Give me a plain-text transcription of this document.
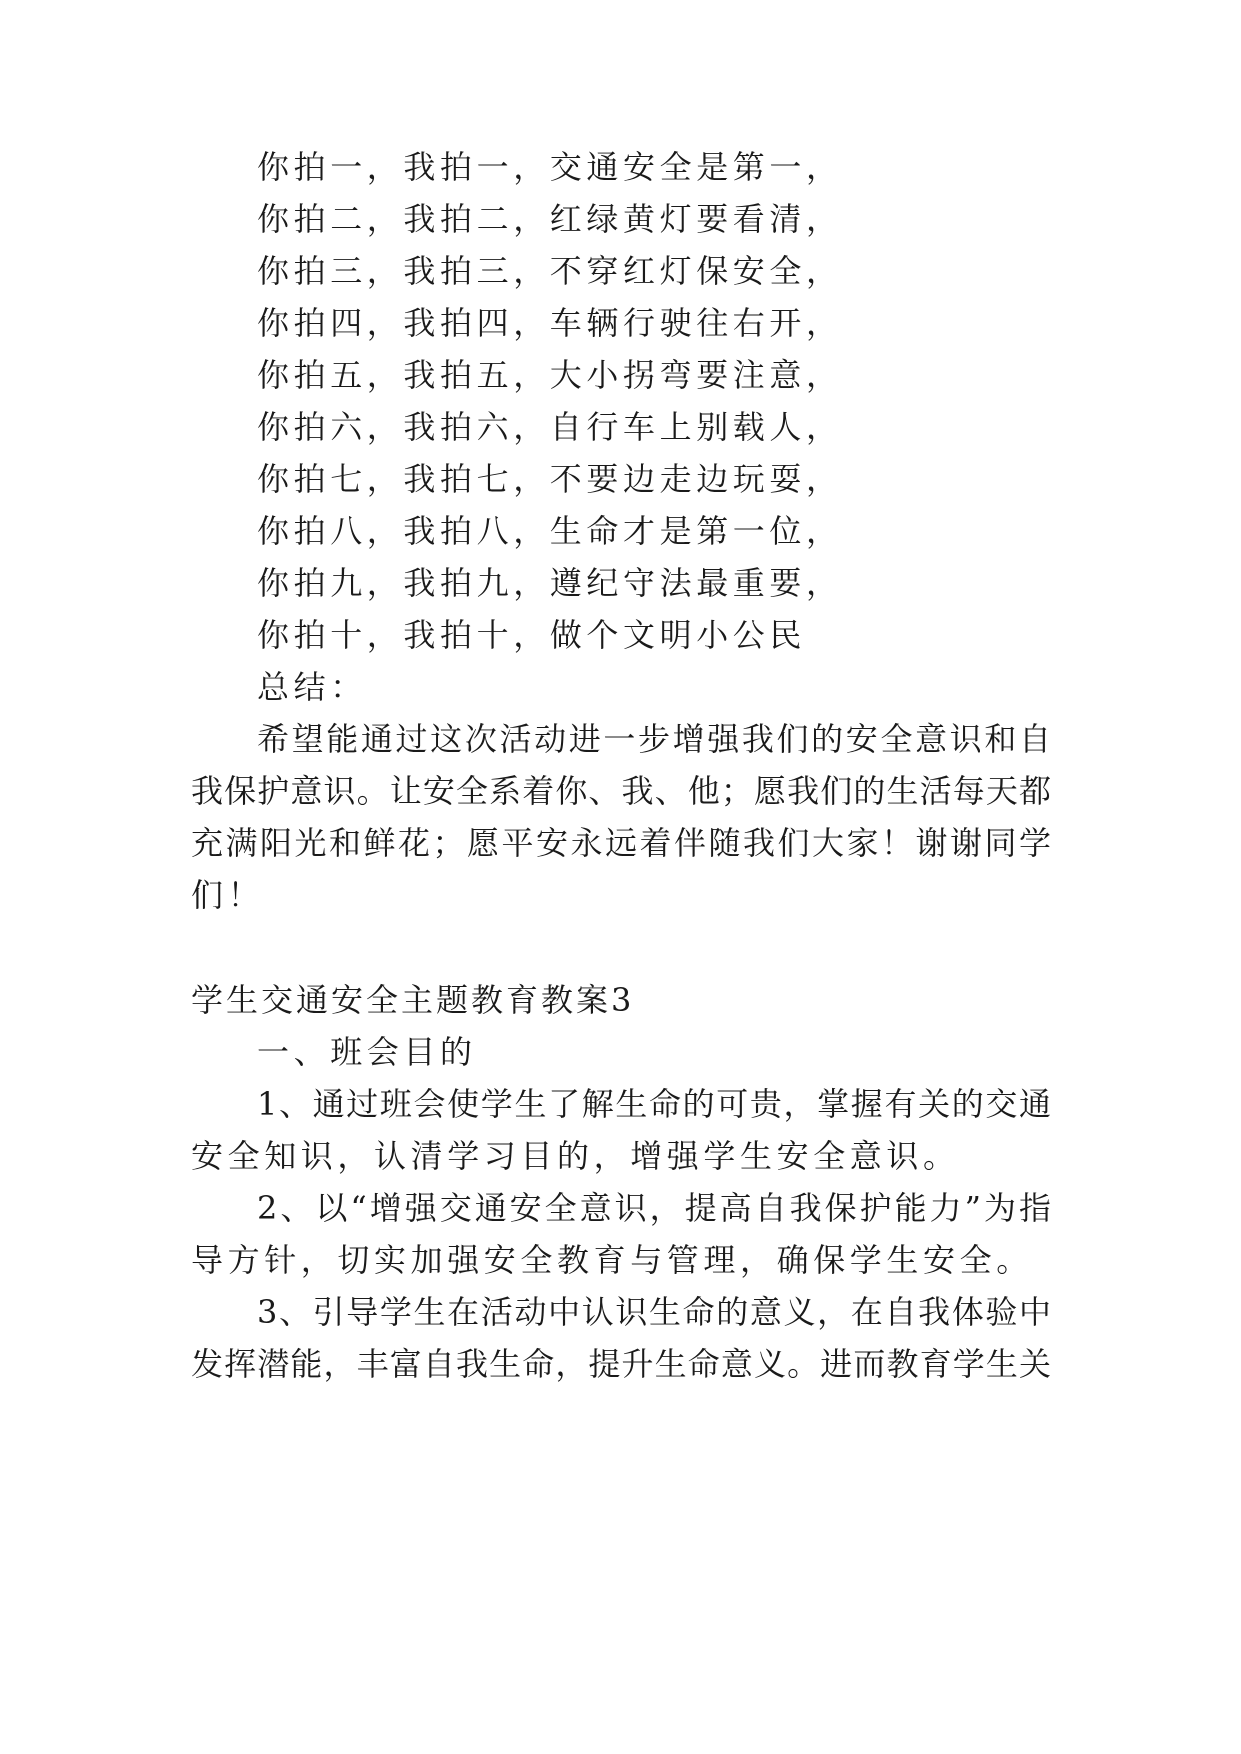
你拍一，我拍一，交通安全是第一，
你拍二，我拍二，红绿黄灯要看清，
你拍三，我拍三，不穿红灯保安全，
你拍四，我拍四，车辆行驶往右开，
你拍五，我拍五，大小拐弯要注意，
你拍六，我拍六，自行车上别载人，
你拍七，我拍七，不要边走边玩耍，
你拍八，我拍八，生命才是第一位，
你拍九，我拍九，遵纪守法最重要，
你拍十，我拍十，做个文明小公民
总结：
希望能通过这次活动进一步增强我们的安全意识和自
我保护意识。让安全系着你、我、他；愿我们的生活每天都
充满阳光和鲜花；愿平安永远着伴随我们大家！谢谢同学
们！
学生交通安全主题教育教案3
一、班会目的
1、通过班会使学生了解生命的可贵，掌握有关的交通
安全知识，认清学习目的，增强学生安全意识。
2、以“增强交通安全意识，提高自我保护能力”为指
导方针，切实加强安全教育与管理，确保学生安全。
3、引导学生在活动中认识生命的意义，在自我体验中
发挥潜能，丰富自我生命，提升生命意义。进而教育学生关
